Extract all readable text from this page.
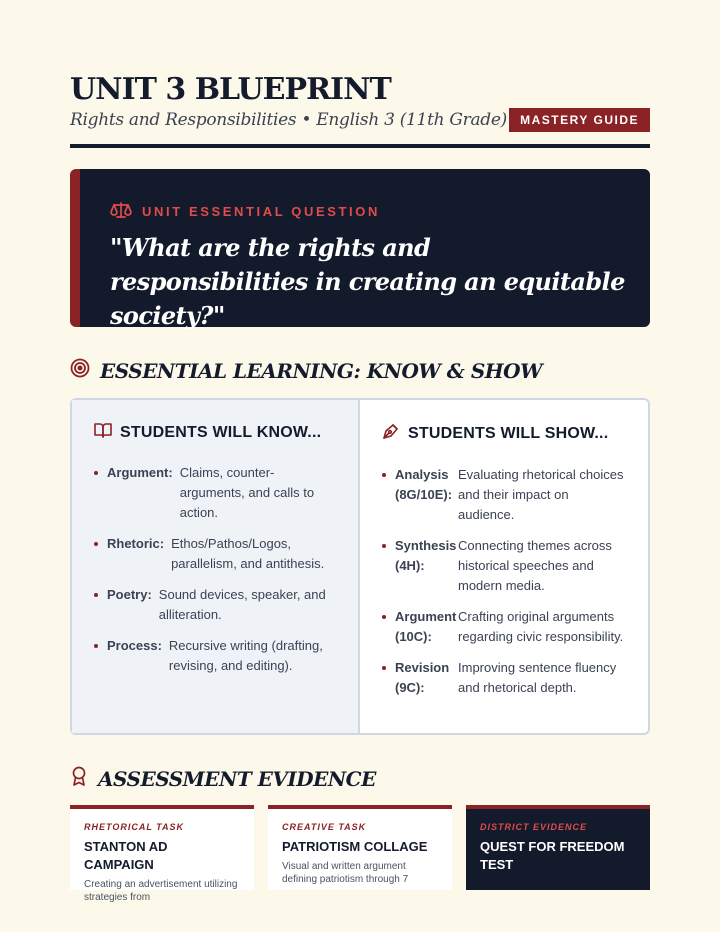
UNIT 3 BLUEPRINT
Rights and Responsibilities • English 3 (11th Grade)	MASTERY GUIDE
UNIT ESSENTIAL QUESTION
"What are the rights and responsibilities in creating an equitable society?"
ESSENTIAL LEARNING: KNOW & SHOW
STUDENTS WILL KNOW...
Argument: Claims, counter-arguments, and calls to action.
Rhetoric: Ethos/Pathos/Logos, parallelism, and antithesis.
Poetry: Sound devices, speaker, and alliteration.
Process: Recursive writing (drafting, revising, and editing).
STUDENTS WILL SHOW...
Analysis (8G/10E):
Evaluating rhetorical choices and their impact on audience.
Synthesis (4H):
Connecting themes across historical speeches and modern media.
Argument (10C):
Crafting original arguments regarding civic responsibility.
Revision (9C):
Improving sentence fluency and rhetorical depth.
ASSESSMENT EVIDENCE
RHETORICAL TASK
STANTON AD CAMPAIGN
Creating an advertisement utilizing strategies from
CREATIVE TASK
PATRIOTISM COLLAGE
Visual and written argument defining patriotism through 7
DISTRICT EVIDENCE
QUEST FOR FREEDOM TEST
